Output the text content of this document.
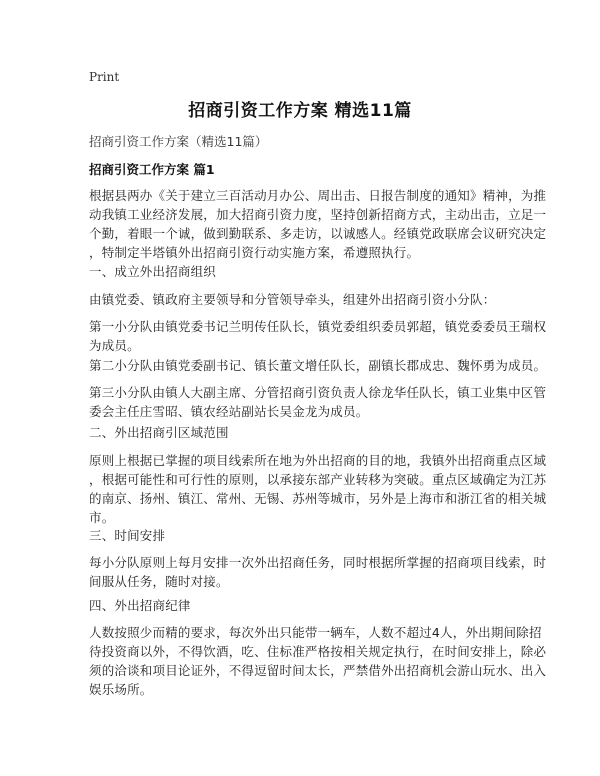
Print
招商引资工作方案 精选11篇
招商引资工作方案（精选11篇）
招商引资工作方案 篇1
根据县两办《关于建立三百活动月办公、周出击、日报告制度的通知》精神，为推
动我镇工业经济发展，加大招商引资力度，坚持创新招商方式，主动出击，立足一
个勤，着眼一个诚，做到勤联系、多走访，以诚感人。经镇党政联席会议研究决定
，特制定半塔镇外出招商引资行动实施方案，希遵照执行。
一、成立外出招商组织
由镇党委、镇政府主要领导和分管领导牵头，组建外出招商引资小分队：
第一小分队由镇党委书记兰明传任队长，镇党委组织委员郭超，镇党委委员王瑞权
为成员。
第二小分队由镇党委副书记、镇长董文增任队长，副镇长郡成忠、魏怀勇为成员。
第三小分队由镇人大副主席、分管招商引资负责人徐龙华任队长，镇工业集中区管
委会主任庄雪昭、镇农经站副站长吴金龙为成员。
二、外出招商引区域范围
原则上根据已掌握的项目线索所在地为外出招商的目的地，我镇外出招商重点区域
，根据可能性和可行性的原则，以承接东部产业转移为突破。重点区域确定为江苏
的南京、扬州、镇江、常州、无锡、苏州等城市，另外是上海市和浙江省的相关城
市。
三、时间安排
每小分队原则上每月安排一次外出招商任务，同时根据所掌握的招商项目线索，时
间服从任务，随时对接。
四、外出招商纪律
人数按照少而精的要求，每次外出只能带一辆车，人数不超过4人，外出期间除招
待投资商以外，不得饮酒，吃、住标准严格按相关规定执行，在时间安排上，除必
须的洽谈和项目论证外，不得逗留时间太长，严禁借外出招商机会游山玩水、出入
娱乐场所。
